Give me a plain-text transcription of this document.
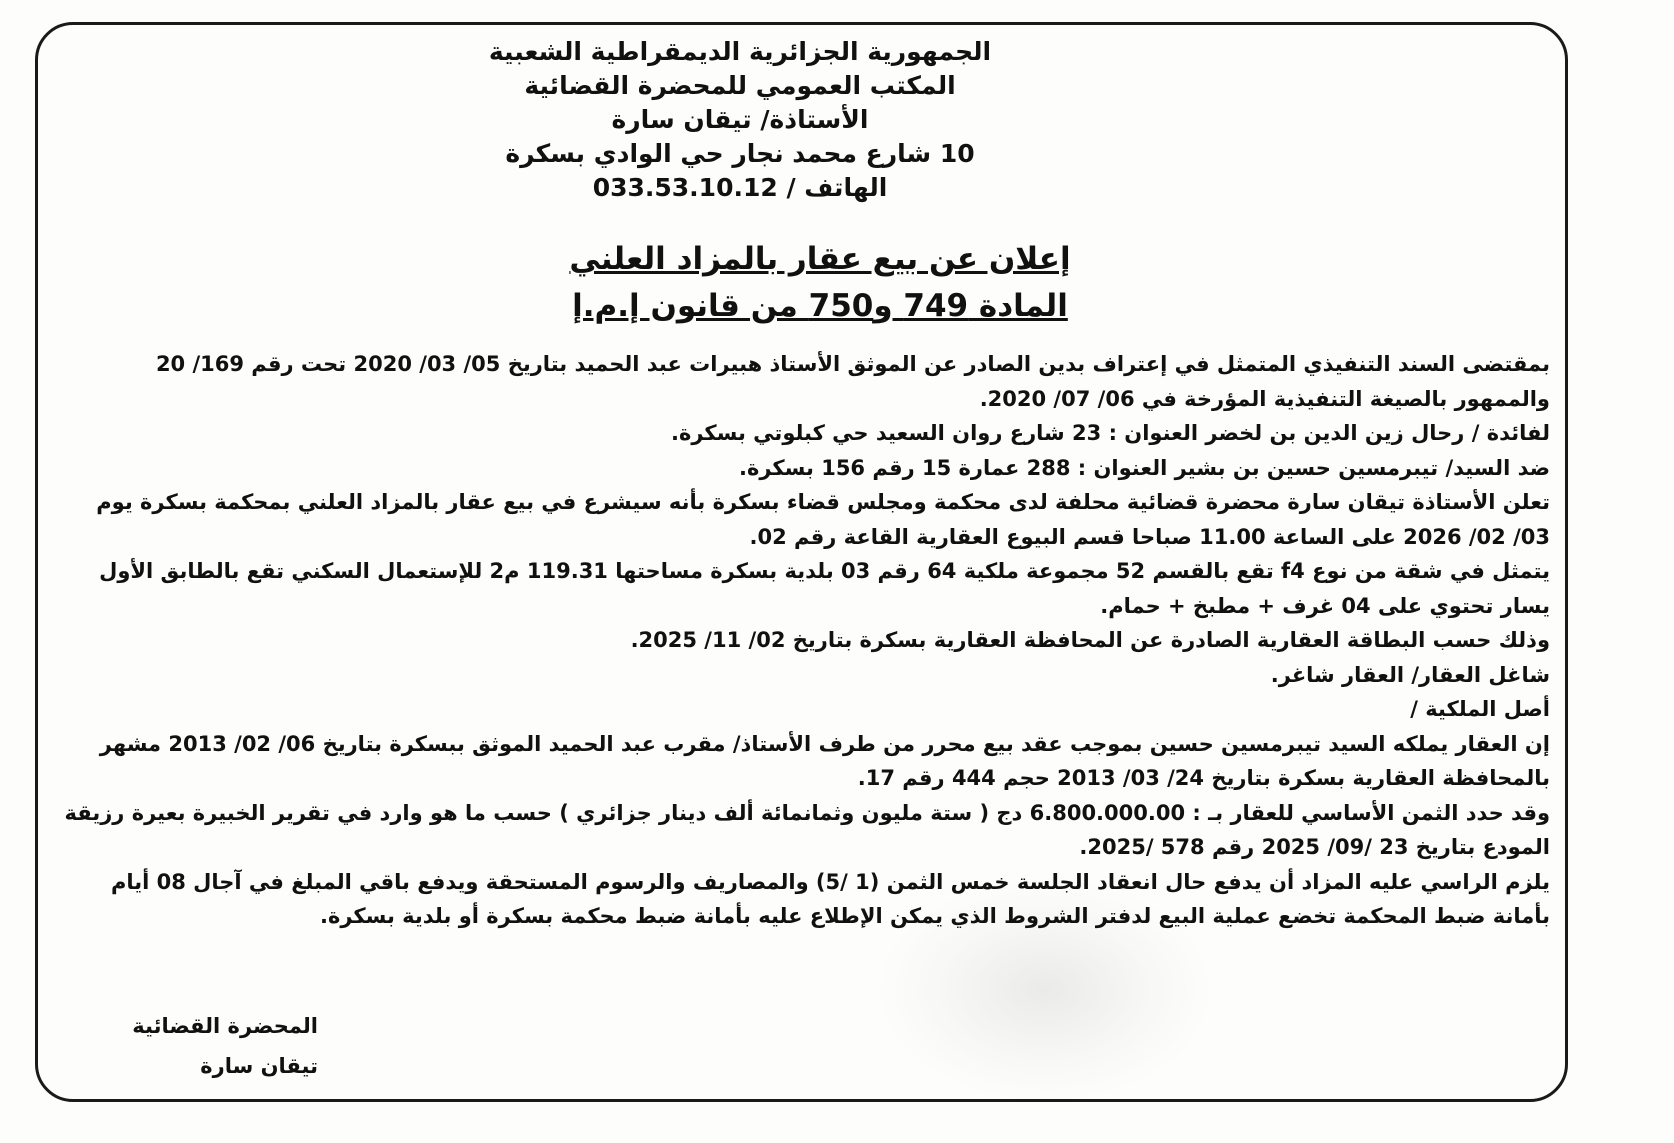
الجمهورية الجزائرية الديمقراطية الشعبية
المكتب العمومي للمحضرة القضائية
الأستاذة/ تيقان سارة
10 شارع محمد نجار حي الوادي بسكرة
الهاتف / 033.53.10.12
إعلان عن بيع عقار بالمزاد العلني
المادة 749 و750 من قانون إ.م.إ

بمقتضى السند التنفيذي المتمثل في إعتراف بدين الصادر عن الموثق الأستاذ هبيرات عبد الحميد بتاريخ 05/ 03/ 2020 تحت رقم 169/ 20 والممهور بالصيغة التنفيذية المؤرخة في 06/ 07/ 2020.

لفائدة / رحال زين الدين بن لخضر العنوان : 23 شارع روان السعيد حي كبلوتي بسكرة.

ضد السيد/ تيبرمسين حسين بن بشير العنوان : 288 عمارة 15 رقم 156 بسكرة.

تعلن الأستاذة تيقان سارة محضرة قضائية محلفة لدى محكمة ومجلس قضاء بسكرة بأنه سيشرع في بيع عقار بالمزاد العلني بمحكمة بسكرة يوم 03/ 02/ 2026 على الساعة 11.00 صباحا قسم البيوع العقارية القاعة رقم 02.

يتمثل في شقة من نوع f4 تقع بالقسم 52 مجموعة ملكية 64 رقم 03 بلدية بسكرة مساحتها 119.31 م2 للإستعمال السكني تقع بالطابق الأول يسار تحتوي على 04 غرف + مطبخ + حمام.

وذلك حسب البطاقة العقارية الصادرة عن المحافظة العقارية بسكرة بتاريخ 02/ 11/ 2025.

شاغل العقار/ العقار شاغر.

أصل الملكية /

إن العقار يملكه السيد تيبرمسين حسين بموجب عقد بيع محرر من طرف الأستاذ/ مقرب عبد الحميد الموثق ببسكرة بتاريخ 06/ 02/ 2013 مشهر بالمحافظة العقارية بسكرة بتاريخ 24/ 03/ 2013 حجم 444 رقم 17.

وقد حدد الثمن الأساسي للعقار بـ : 6.800.000.00 دج ( ستة مليون وثمانمائة ألف دينار جزائري ) حسب ما هو وارد في تقرير الخبيرة بعيرة رزيقة المودع بتاريخ 23 /09/ 2025 رقم 578 /2025.

يلزم الراسي عليه المزاد أن يدفع حال انعقاد الجلسة خمس الثمن (1 /5) والمصاريف والرسوم المستحقة ويدفع باقي المبلغ في آجال 08 أيام بأمانة ضبط المحكمة تخضع عملية البيع لدفتر الشروط الذي يمكن الإطلاع عليه بأمانة ضبط محكمة بسكرة أو بلدية بسكرة.

المحضرة القضائية
تيقان سارة
